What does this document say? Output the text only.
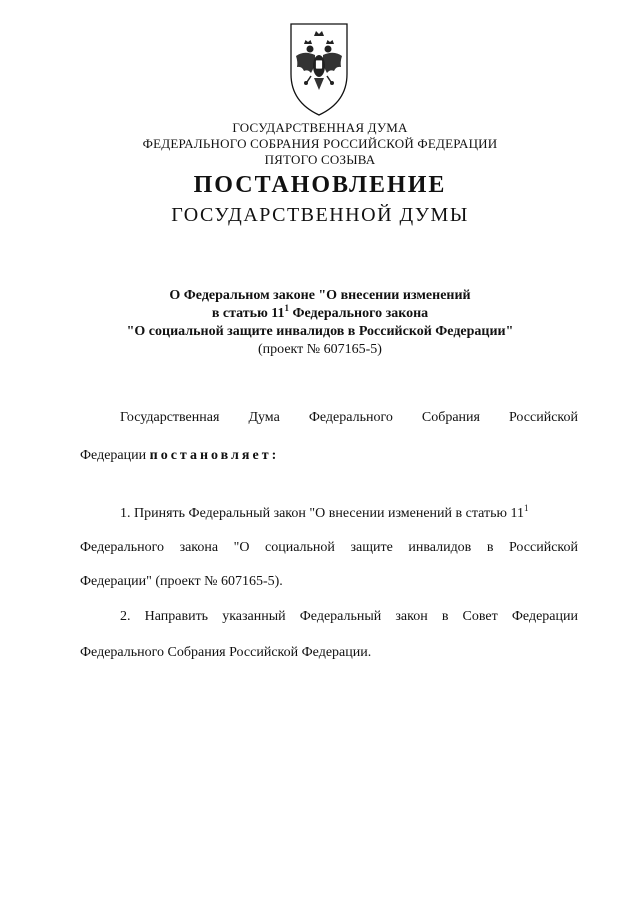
ГОСУДАРСТВЕННАЯ ДУМА
ФЕДЕРАЛЬНОГО СОБРАНИЯ РОССИЙСКОЙ ФЕДЕРАЦИИ
ПЯТОГО СОЗЫВА
ПОСТАНОВЛЕНИЕ
ГОСУДАРСТВЕННОЙ ДУМЫ
О Федеральном законе "О внесении изменений
в статью $11^1$ Федерального закона
"О социальной защите инвалидов в Российской Федерации"
(проект № 607165-5)
Государственная Дума Федерального Собрания Российской
Федерации постановляет:
1. Принять Федеральный закон "О внесении изменений в статью $11^1$
Федерального закона "О социальной защите инвалидов в Российской
Федерации" (проект № 607165-5).
2. Направить указанный Федеральный закон в Совет Федерации
Федерального Собрания Российской Федерации.
